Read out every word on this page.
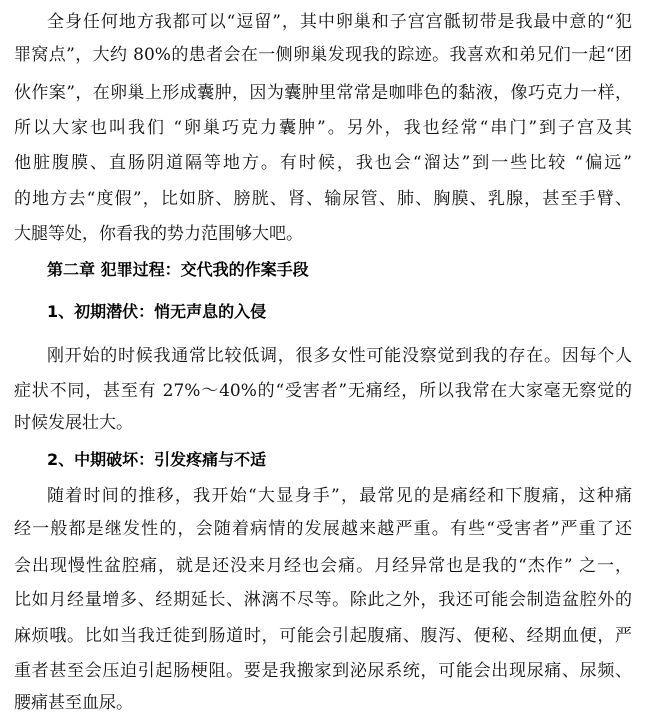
全身任何地方我都可以“逗留”，其中卵巢和子宫宫骶韧带是我最中意的“犯
罪窝点”，大约 80%的患者会在一侧卵巢发现我的踪迹。我喜欢和弟兄们一起“团
伙作案”，在卵巢上形成囊肿，因为囊肿里常常是咖啡色的黏液，像巧克力一样，
所以大家也叫我们 “卵巢巧克力囊肿”。另外，我也经常“串门”到子宫及其
他脏腹膜、直肠阴道隔等地方。有时候，我也会“溜达”到一些比较 “偏远”
的地方去“度假”，比如脐、膀胱、肾、输尿管、肺、胸膜、乳腺，甚至手臂、
大腿等处，你看我的势力范围够大吧。
第二章 犯罪过程：交代我的作案手段
1、初期潜伏：悄无声息的入侵
刚开始的时候我通常比较低调，很多女性可能没察觉到我的存在。因每个人
症状不同，甚至有 27%～40%的“受害者”无痛经，所以我常在大家毫无察觉的
时候发展壮大。
2、中期破坏：引发疼痛与不适
随着时间的推移，我开始“大显身手”，最常见的是痛经和下腹痛，这种痛
经一般都是继发性的，会随着病情的发展越来越严重。有些“受害者”严重了还
会出现慢性盆腔痛，就是还没来月经也会痛。月经异常也是我的“杰作” 之一，
比如月经量增多、经期延长、淋漓不尽等。除此之外，我还可能会制造盆腔外的
麻烦哦。比如当我迁徙到肠道时，可能会引起腹痛、腹泻、便秘、经期血便，严
重者甚至会压迫引起肠梗阻。要是我搬家到泌尿系统，可能会出现尿痛、尿频、
腰痛甚至血尿。
